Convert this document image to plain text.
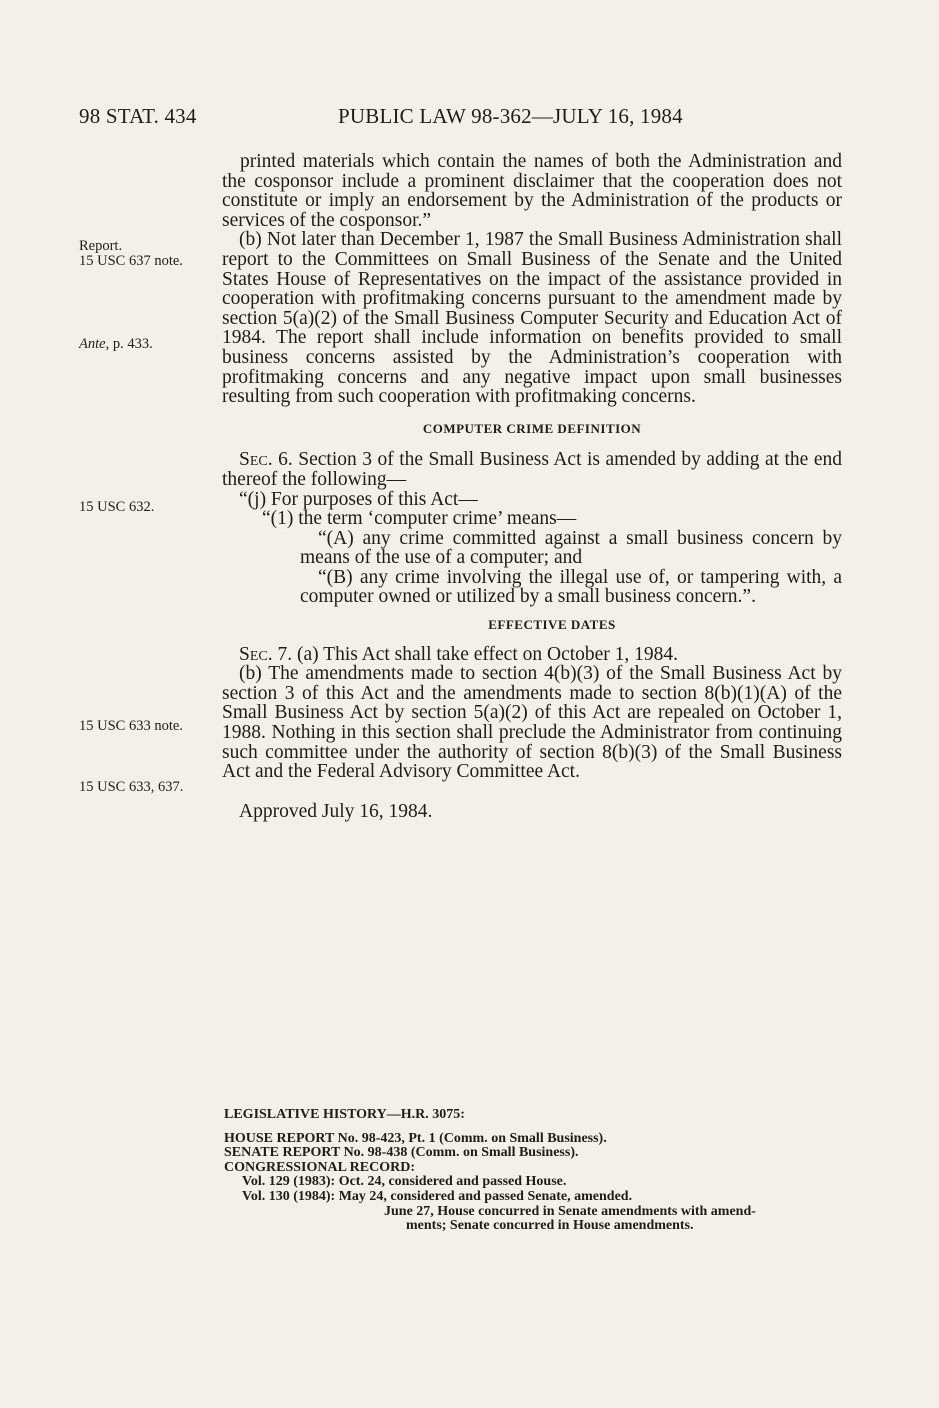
98 STAT. 434	PUBLIC LAW 98-362—JULY 16, 1984
Report.
15 USC 637 note.
Ante, p. 433.
15 USC 632.
15 USC 633 note.
15 USC 633, 637.

printed materials which contain the names of both the Administration and the cosponsor include a prominent disclaimer that the cooperation does not constitute or imply an endorsement by the Administration of the products or services of the cosponsor.”

(b) Not later than December 1, 1987 the Small Business Administration shall report to the Committees on Small Business of the Senate and the United States House of Representatives on the impact of the assistance provided in cooperation with profitmaking concerns pursuant to the amendment made by section 5(a)(2) of the Small Business Computer Security and Education Act of 1984. The report shall include information on benefits provided to small business concerns assisted by the Administration’s cooperation with profitmaking concerns and any negative impact upon small businesses resulting from such cooperation with profitmaking concerns.

COMPUTER CRIME DEFINITION

Sec. 6. Section 3 of the Small Business Act is amended by adding at the end thereof the following—

“(j) For purposes of this Act—

“(1) the term ‘computer crime’ means—

“(A) any crime committed against a small business concern by means of the use of a computer; and

“(B) any crime involving the illegal use of, or tampering with, a computer owned or utilized by a small business concern.”.

EFFECTIVE DATES

Sec. 7. (a) This Act shall take effect on October 1, 1984.

(b) The amendments made to section 4(b)(3) of the Small Business Act by section 3 of this Act and the amendments made to section 8(b)(1)(A) of the Small Business Act by section 5(a)(2) of this Act are repealed on October 1, 1988. Nothing in this section shall preclude the Administrator from continuing such committee under the authority of section 8(b)(3) of the Small Business Act and the Federal Advisory Committee Act.

Approved July 16, 1984.

LEGISLATIVE HISTORY—H.R. 3075:

HOUSE REPORT No. 98-423, Pt. 1 (Comm. on Small Business).

SENATE REPORT No. 98-438 (Comm. on Small Business).

CONGRESSIONAL RECORD:

Vol. 129 (1983): Oct. 24, considered and passed House.

Vol. 130 (1984): May 24, considered and passed Senate, amended.

June 27, House concurred in Senate amendments with amend-

ments; Senate concurred in House amendments.
